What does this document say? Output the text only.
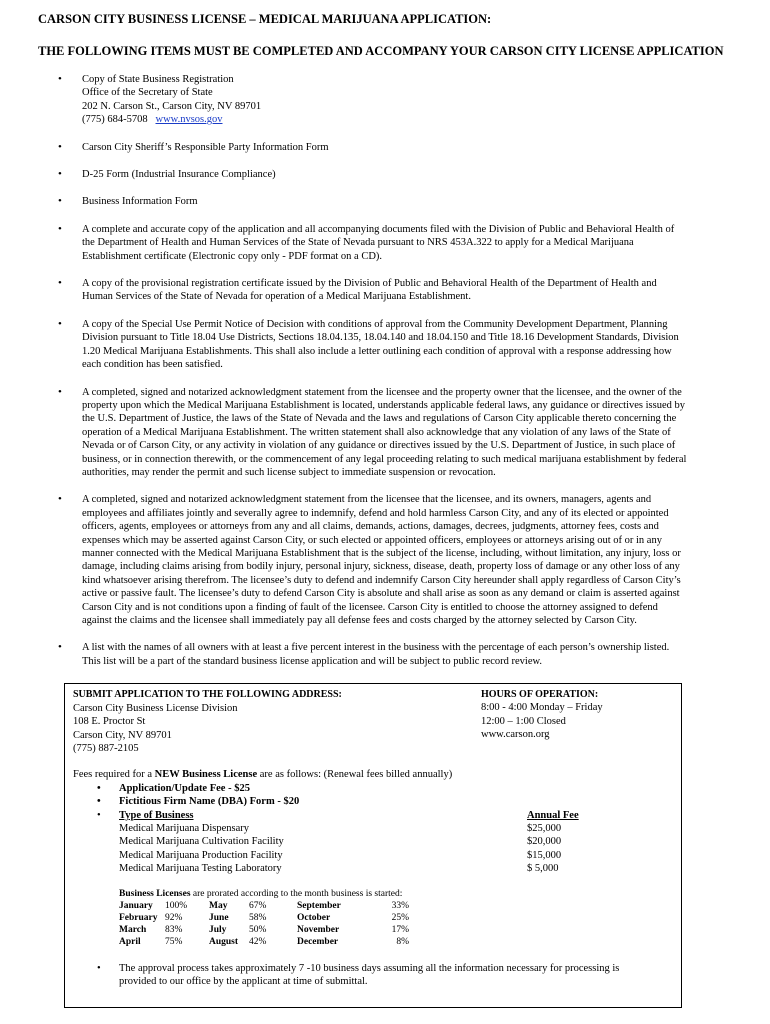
CARSON CITY BUSINESS LICENSE – MEDICAL MARIJUANA APPLICATION:
THE FOLLOWING ITEMS MUST BE COMPLETED AND ACCOMPANY YOUR CARSON CITY LICENSE APPLICATION
• Copy of State Business Registration
Office of the Secretary of State
202 N. Carson St., Carson City, NV 89701
(775) 684-5708 www.nvsos.gov
• Carson City Sheriff’s Responsible Party Information Form
• D-25 Form (Industrial Insurance Compliance)
• Business Information Form
• A complete and accurate copy of the application and all accompanying documents filed with the Division of Public and Behavioral Health of
the Department of Health and Human Services of the State of Nevada pursuant to NRS 453A.322 to apply for a Medical Marijuana
Establishment certificate (Electronic copy only - PDF format on a CD).
• A copy of the provisional registration certificate issued by the Division of Public and Behavioral Health of the Department of Health and
Human Services of the State of Nevada for operation of a Medical Marijuana Establishment.
• A copy of the Special Use Permit Notice of Decision with conditions of approval from the Community Development Department, Planning
Division pursuant to Title 18.04 Use Districts, Sections 18.04.135, 18.04.140 and 18.04.150 and Title 18.16 Development Standards, Division
1.20 Medical Marijuana Establishments. This shall also include a letter outlining each condition of approval with a response addressing how
each condition has been satisfied.
• A completed, signed and notarized acknowledgment statement from the licensee and the property owner that the licensee, and the owner of the
property upon which the Medical Marijuana Establishment is located, understands applicable federal laws, any guidance or directives issued by
the U.S. Department of Justice, the laws of the State of Nevada and the laws and regulations of Carson City applicable thereto concerning the
operation of a Medical Marijuana Establishment. The written statement shall also acknowledge that any violation of any laws of the State of
Nevada or of Carson City, or any activity in violation of any guidance or directives issued by the U.S. Department of Justice, in such place of
business, or in connection therewith, or the commencement of any legal proceeding relating to such medical marijuana establishment by federal
authorities, may render the permit and such license subject to immediate suspension or revocation.
• A completed, signed and notarized acknowledgment statement from the licensee that the licensee, and its owners, managers, agents and
employees and affiliates jointly and severally agree to indemnify, defend and hold harmless Carson City, and any of its elected or appointed
officers, agents, employees or attorneys from any and all claims, demands, actions, damages, decrees, judgments, attorney fees, costs and
expenses which may be asserted against Carson City, or such elected or appointed officers, employees or attorneys arising out of or in any
manner connected with the Medical Marijuana Establishment that is the subject of the license, including, without limitation, any injury, loss or
damage, including claims arising from bodily injury, personal injury, sickness, disease, death, property loss of damage or any other loss of any
kind whatsoever arising therefrom. The licensee’s duty to defend and indemnify Carson City hereunder shall apply regardless of Carson City’s
active or passive fault. The licensee’s duty to defend Carson City is absolute and shall arise as soon as any demand or claim is asserted against
Carson City and is not conditions upon a finding of fault of the licensee. Carson City is entitled to choose the attorney assigned to defend
against the claims and the licensee shall immediately pay all defense fees and costs charged by the attorney selected by Carson City.
• A list with the names of all owners with at least a five percent interest in the business with the percentage of each person’s ownership listed.
This list will be a part of the standard business license application and will be subject to public record review.
SUBMIT APPLICATION TO THE FOLLOWING ADDRESS:
Carson City Business License Division
108 E. Proctor St
Carson City, NV 89701
(775) 887-2105
HOURS OF OPERATION:
8:00 - 4:00 Monday – Friday
12:00 – 1:00 Closed
www.carson.org
Fees required for a NEW Business License are as follows: (Renewal fees billed annually)
• Application/Update Fee - $25
• Fictitious Firm Name (DBA) Form - $20
• Type of Business	Annual Fee
Medical Marijuana Dispensary	$25,000
Medical Marijuana Cultivation Facility	$20,000
Medical Marijuana Production Facility	$15,000
Medical Marijuana Testing Laboratory	$ 5,000
Business Licenses are prorated according to the month business is started:
January	100%	May	67%	September	33%
February	92%	June	58%	October	25%
March	83%	July	50%	November	17%
April	75%	August	42%	December	8%
• The approval process takes approximately 7 -10 business days assuming all the information necessary for processing is
provided to our office by the applicant at time of submittal.
